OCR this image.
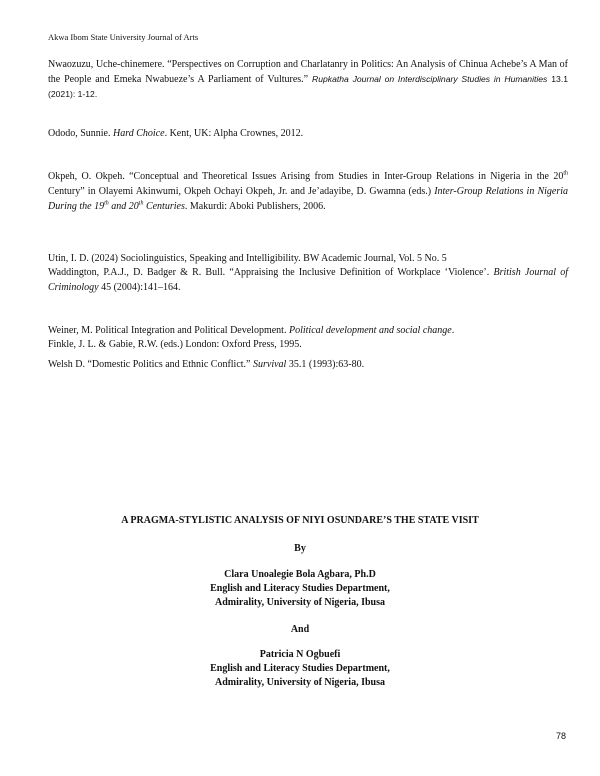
Akwa Ibom State University Journal of Arts
Nwaozuzu, Uche-chinemere. “Perspectives on Corruption and Charlatanry in Politics: An Analysis of Chinua Achebe’s A Man of the People and Emeka Nwabueze’s A Parliament of Vultures.” Rupkatha Journal on Interdisciplinary Studies in Humanities 13.1 (2021): 1-12.
Ododo, Sunnie. Hard Choice. Kent, UK: Alpha Crownes, 2012.
Okpeh, O. Okpeh. “Conceptual and Theoretical Issues Arising from Studies in Inter-Group Relations in Nigeria in the 20th Century” in Olayemi Akinwumi, Okpeh Ochayi Okpeh, Jr. and Je’adayibe, D. Gwamna (eds.) Inter-Group Relations in Nigeria During the 19th and 20th Centuries. Makurdi: Aboki Publishers, 2006.
Utin, I. D. (2024) Sociolinguistics, Speaking and Intelligibility. BW Academic Journal, Vol. 5 No. 5
Waddington, P.A.J., D. Badger & R. Bull. “Appraising the Inclusive Definition of Workplace ‘Violence’. British Journal of Criminology 45 (2004):141–164.
Weiner, M. Political Integration and Political Development. Political development and social change.
Finkle, J. L. & Gabie, R.W. (eds.) London: Oxford Press, 1995.
Welsh D. “Domestic Politics and Ethnic Conflict.” Survival 35.1 (1993):63-80.
A PRAGMA-STYLISTIC ANALYSIS OF NIYI OSUNDARE’S THE STATE VISIT
By
Clara Unoalegie Bola Agbara, Ph.D
English and Literacy Studies Department,
Admirality, University of Nigeria, Ibusa
And
Patricia N Ogbuefi
English and Literacy Studies Department,
Admirality, University of Nigeria, Ibusa
78
